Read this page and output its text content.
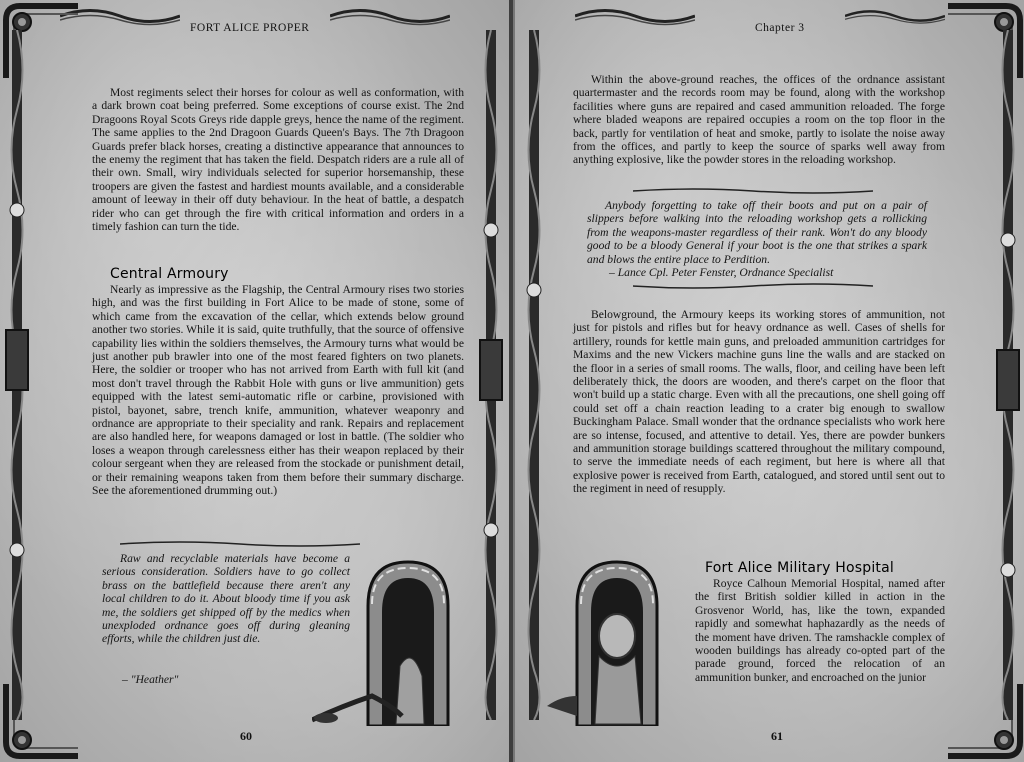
FORT ALICE PROPER

Most regiments select their horses for colour as well as conformation, with a dark brown coat being preferred. Some exceptions of course exist. The 2nd Dragoons Royal Scots Greys ride dapple greys, hence the name of the regiment. The same applies to the 2nd Dragoon Guards Queen's Bays. The 7th Dragoon Guards prefer black horses, creating a distinctive appearance that announces to the enemy the regiment that has taken the field. Despatch riders are a rule all of their own. Small, wiry individuals selected for superior horsemanship, these troopers are given the fastest and hardiest mounts available, and a considerable amount of leeway in their off duty behaviour. In the heat of battle, a despatch rider who can get through the fire with critical information and orders in a timely fashion can turn the tide.

Central Armoury

Nearly as impressive as the Flagship, the Central Armoury rises two stories high, and was the first building in Fort Alice to be made of stone, some of which came from the excavation of the cellar, which extends below ground another two stories. While it is said, quite truthfully, that the source of offensive capability lies within the soldiers themselves, the Armoury turns what would be just another pub brawler into one of the most feared fighters on two planets. Here, the soldier or trooper who has not arrived from Earth with full kit (and most don't travel through the Rabbit Hole with guns or live ammunition) gets equipped with the latest semi-automatic rifle or carbine, provisioned with pistol, bayonet, sabre, trench knife, ammunition, whatever weaponry and ordnance are appropriate to their speciality and rank. Repairs and replacement are also handled here, for weapons damaged or lost in battle. (The soldier who loses a weapon through carelessness either has their weapon replaced by their colour sergeant when they are released from the stockade or punishment detail, or their remaining weapons taken from them before their summary discharge. See the aforementioned drumming out.)

Raw and recyclable materials have become a serious consideration. Soldiers have to go collect brass on the battlefield because there aren't any local children to do it. About bloody time if you ask me, the soldiers get shipped off by the medics when unexploded ordnance goes off during gleaning efforts, while the children just die.
– "Heather"
60
Chapter 3

Within the above-ground reaches, the offices of the ordnance assistant quartermaster and the records room may be found, along with the workshop facilities where guns are repaired and cased ammunition reloaded. The forge where bladed weapons are repaired occupies a room on the top floor in the back, partly for ventilation of heat and smoke, partly to isolate the noise away from the offices, and partly to keep the source of sparks well away from anything explosive, like the powder stores in the reloading workshop.

Anybody forgetting to take off their boots and put on a pair of slippers before walking into the reloading workshop gets a rollicking from the weapons-master regardless of their rank. Won't do any bloody good to be a bloody General if your boot is the one that strikes a spark and blows the entire place to Perdition.
– Lance Cpl. Peter Fenster, Ordnance Specialist

Belowground, the Armoury keeps its working stores of ammunition, not just for pistols and rifles but for heavy ordnance as well. Cases of shells for artillery, rounds for kettle main guns, and preloaded ammunition cartridges for Maxims and the new Vickers machine guns line the walls and are stacked on the floor in a series of small rooms. The walls, floor, and ceiling have been left deliberately thick, the doors are wooden, and there's carpet on the floor that won't build up a static charge. Even with all the precautions, one shell going off could set off a chain reaction leading to a crater big enough to swallow Buckingham Palace. Small wonder that the ordnance specialists who work here are so intense, focused, and attentive to detail. Yes, there are powder bunkers and ammunition storage buildings scattered throughout the military compound, to serve the immediate needs of each regiment, but here is where all that explosive power is received from Earth, catalogued, and stored until sent out to the regiment in need of resupply.

Fort Alice Military Hospital

Royce Calhoun Memorial Hospital, named after the first British soldier killed in action in the Grosvenor World, has, like the town, expanded rapidly and somewhat haphazardly as the needs of the moment have driven. The ramshackle complex of wooden buildings has already co-opted part of the parade ground, forced the relocation of an ammunition bunker, and encroached on the junior

61
